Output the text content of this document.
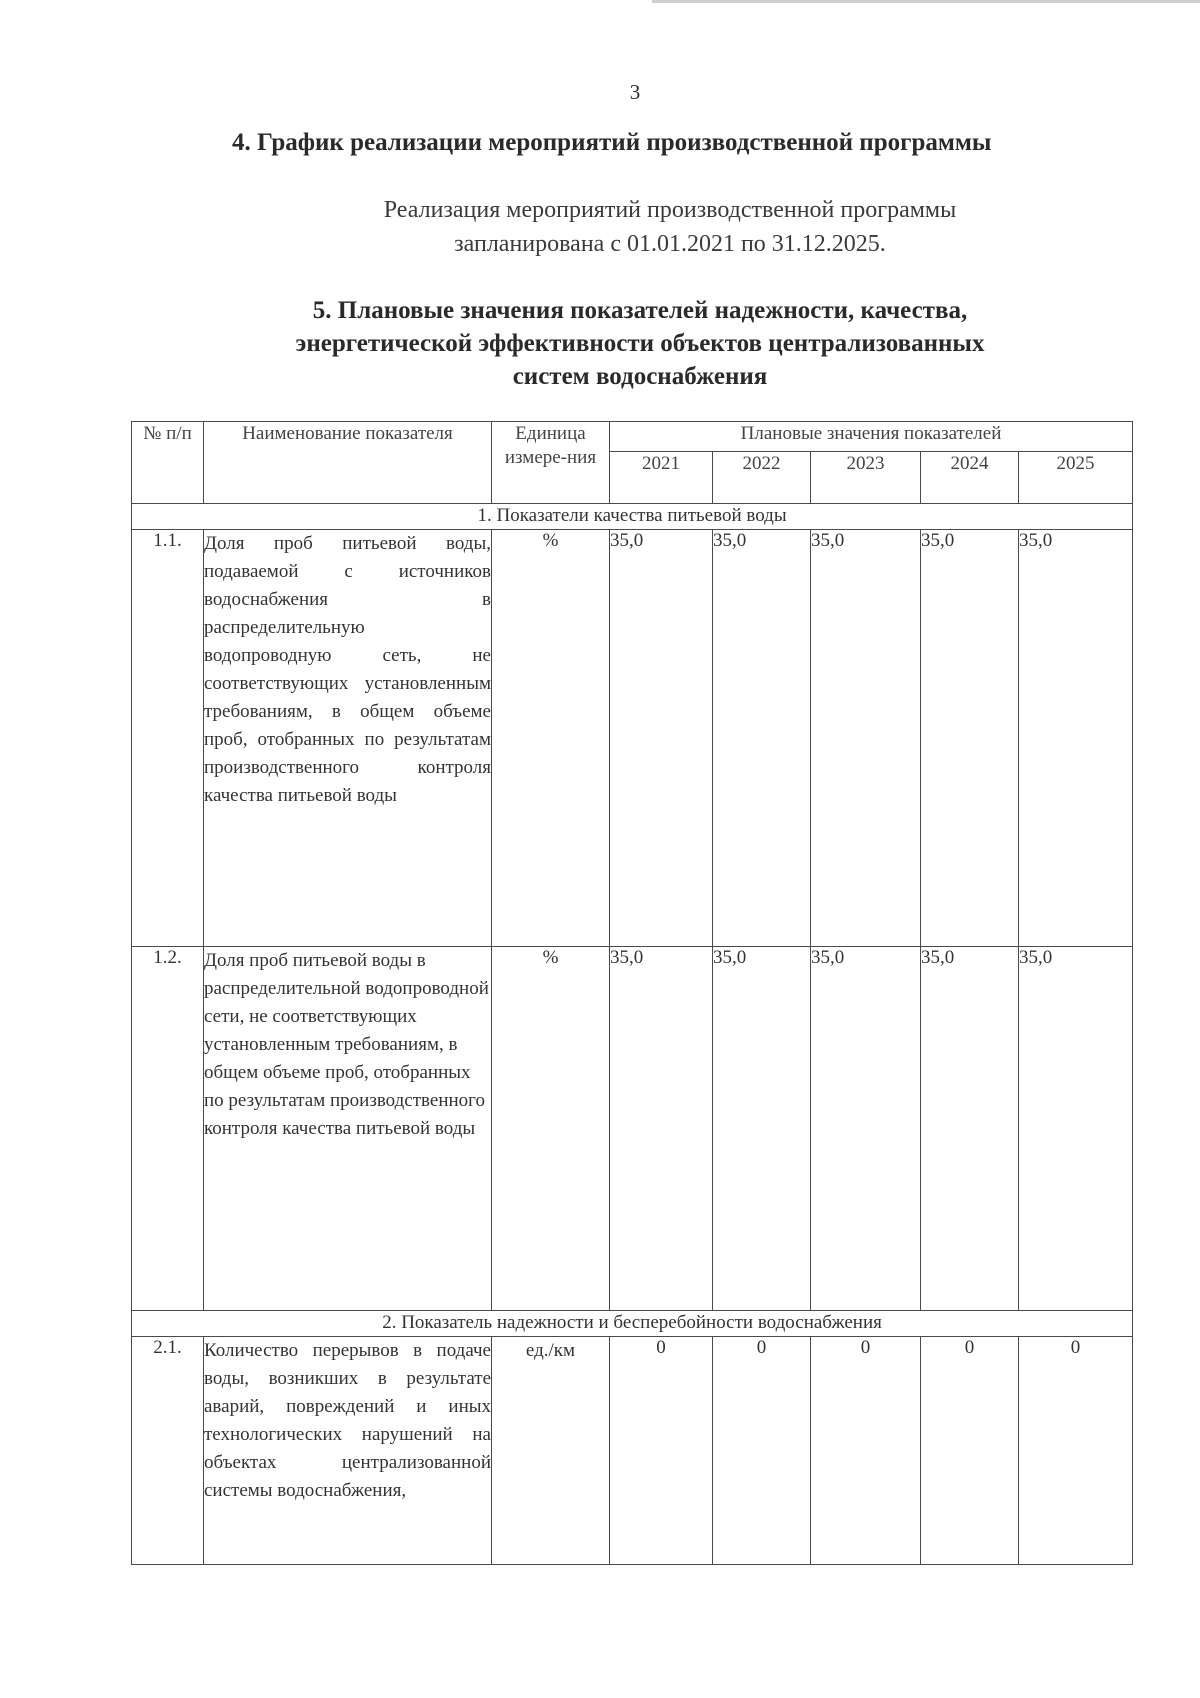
3
4. График реализации мероприятий производственной программы
Реализация мероприятий производственной программы
запланирована с 01.01.2021 по 31.12.2025.
5. Плановые значения показателей надежности, качества,
энергетической эффективности объектов централизованных
систем водоснабжения
№ п/п	Наименование показателя	Единица измере-ния	Плановые значения показателей				
			2021	2022	2023	2024	2025
1. Показатели качества питьевой воды							
1.1.	Доля проб питьевой воды, подаваемой с источников водоснабжения в распределительную водопроводную сеть, не соответствующих установленным требованиям, в общем объеме проб, отобранных по результатам производственного контроля качества питьевой воды	%	35,0	35,0	35,0	35,0	35,0
1.2.	Доля проб питьевой воды в распределительной водопроводной сети, не соответствующих установленным требованиям, в общем объеме проб, отобранных по результатам производственного контроля качества питьевой воды	%	35,0	35,0	35,0	35,0	35,0
2. Показатель надежности и бесперебойности водоснабжения							
2.1.	Количество перерывов в подаче воды, возникших в результате аварий, повреждений и иных технологических нарушений на объектах централизованной системы водоснабжения,	ед./км	0	0	0	0	0
